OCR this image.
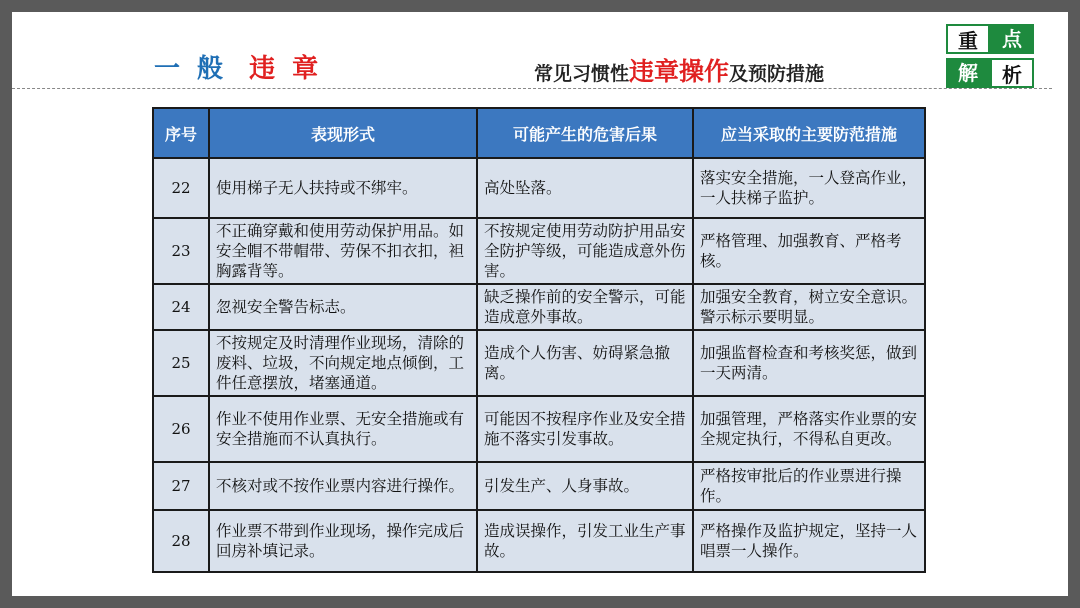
一 般 违 章	常见习惯性违章操作及预防措施
重	点
解	析
序号	表现形式	可能产生的危害后果	应当采取的主要防范措施
22	使用梯子无人扶持或不绑牢。	高处坠落。	落实安全措施，一人登高作业，一人扶梯子监护。
23	不正确穿戴和使用劳动保护用品。如安全帽不带帽带、劳保不扣衣扣，袒胸露背等。	不按规定使用劳动防护用品安全防护等级，可能造成意外伤害。	严格管理、加强教育、严格考核。
24	忽视安全警告标志。	缺乏操作前的安全警示，可能造成意外事故。	加强安全教育，树立安全意识。警示标示要明显。
25	不按规定及时清理作业现场，清除的废料、垃圾，不向规定地点倾倒，工件任意摆放，堵塞通道。	造成个人伤害、妨碍紧急撤离。	加强监督检查和考核奖惩，做到一天两清。
26	作业不使用作业票、无安全措施或有安全措施而不认真执行。	可能因不按程序作业及安全措施不落实引发事故。	加强管理，严格落实作业票的安全规定执行，不得私自更改。
27	不核对或不按作业票内容进行操作。	引发生产、人身事故。	严格按审批后的作业票进行操作。
28	作业票不带到作业现场，操作完成后回房补填记录。	造成误操作，引发工业生产事故。	严格操作及监护规定，坚持一人唱票一人操作。
